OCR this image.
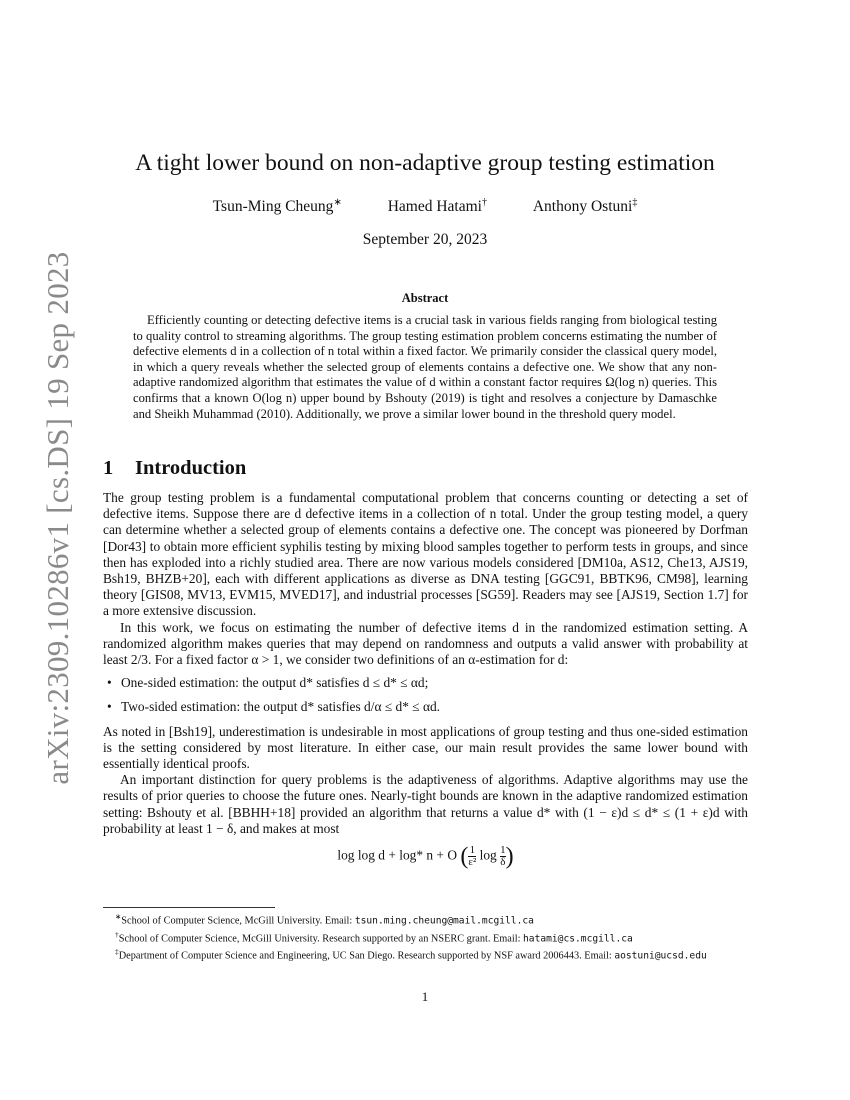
arXiv:2309.10286v1 [cs.DS] 19 Sep 2023
A tight lower bound on non-adaptive group testing estimation
Tsun-Ming Cheung∗	Hamed Hatami†	Anthony Ostuni‡
September 20, 2023
Abstract

Efficiently counting or detecting defective items is a crucial task in various fields ranging from biological testing to quality control to streaming algorithms. The group testing estimation problem concerns estimating the number of defective elements d in a collection of n total within a fixed factor. We primarily consider the classical query model, in which a query reveals whether the selected group of elements contains a defective one. We show that any non-adaptive randomized algorithm that estimates the value of d within a constant factor requires Ω(log n) queries. This confirms that a known O(log n) upper bound by Bshouty (2019) is tight and resolves a conjecture by Damaschke and Sheikh Muhammad (2010). Additionally, we prove a similar lower bound in the threshold query model.

1 Introduction

The group testing problem is a fundamental computational problem that concerns counting or detecting a set of defective items. Suppose there are d defective items in a collection of n total. Under the group testing model, a query can determine whether a selected group of elements contains a defective one. The concept was pioneered by Dorfman [Dor43] to obtain more efficient syphilis testing by mixing blood samples together to perform tests in groups, and since then has exploded into a richly studied area. There are now various models considered [DM10a, AS12, Che13, AJS19, Bsh19, BHZB+20], each with different applications as diverse as DNA testing [GGC91, BBTK96, CM98], learning theory [GIS08, MV13, EVM15, MVED17], and industrial processes [SG59]. Readers may see [AJS19, Section 1.7] for a more extensive discussion.

In this work, we focus on estimating the number of defective items d in the randomized estimation setting. A randomized algorithm makes queries that may depend on randomness and outputs a valid answer with probability at least 2/3. For a fixed factor α > 1, we consider two definitions of an α-estimation for d:

• One-sided estimation: the output d* satisfies d ≤ d* ≤ αd;
• Two-sided estimation: the output d* satisfies d/α ≤ d* ≤ αd.

As noted in [Bsh19], underestimation is undesirable in most applications of group testing and thus one-sided estimation is the setting considered by most literature. In either case, our main result provides the same lower bound with essentially identical proofs.

An important distinction for query problems is the adaptiveness of algorithms. Adaptive algorithms may use the results of prior queries to choose the future ones. Nearly-tight bounds are known in the adaptive randomized estimation setting: Bshouty et al. [BBHH+18] provided an algorithm that returns a value d* with (1 − ε)d ≤ d* ≤ (1 + ε)d with probability at least 1 − δ, and makes at most

log log d + log* n + O ( $\frac{1}{\text{ε²}}$ $\log \frac{1}{\delta}$ )
∗School of Computer Science, McGill University. Email: tsun.ming.cheung@mail.mcgill.ca
†School of Computer Science, McGill University. Research supported by an NSERC grant. Email: hatami@cs.mcgill.ca
‡Department of Computer Science and Engineering, UC San Diego. Research supported by NSF award 2006443. Email: aostuni@ucsd.edu
1
